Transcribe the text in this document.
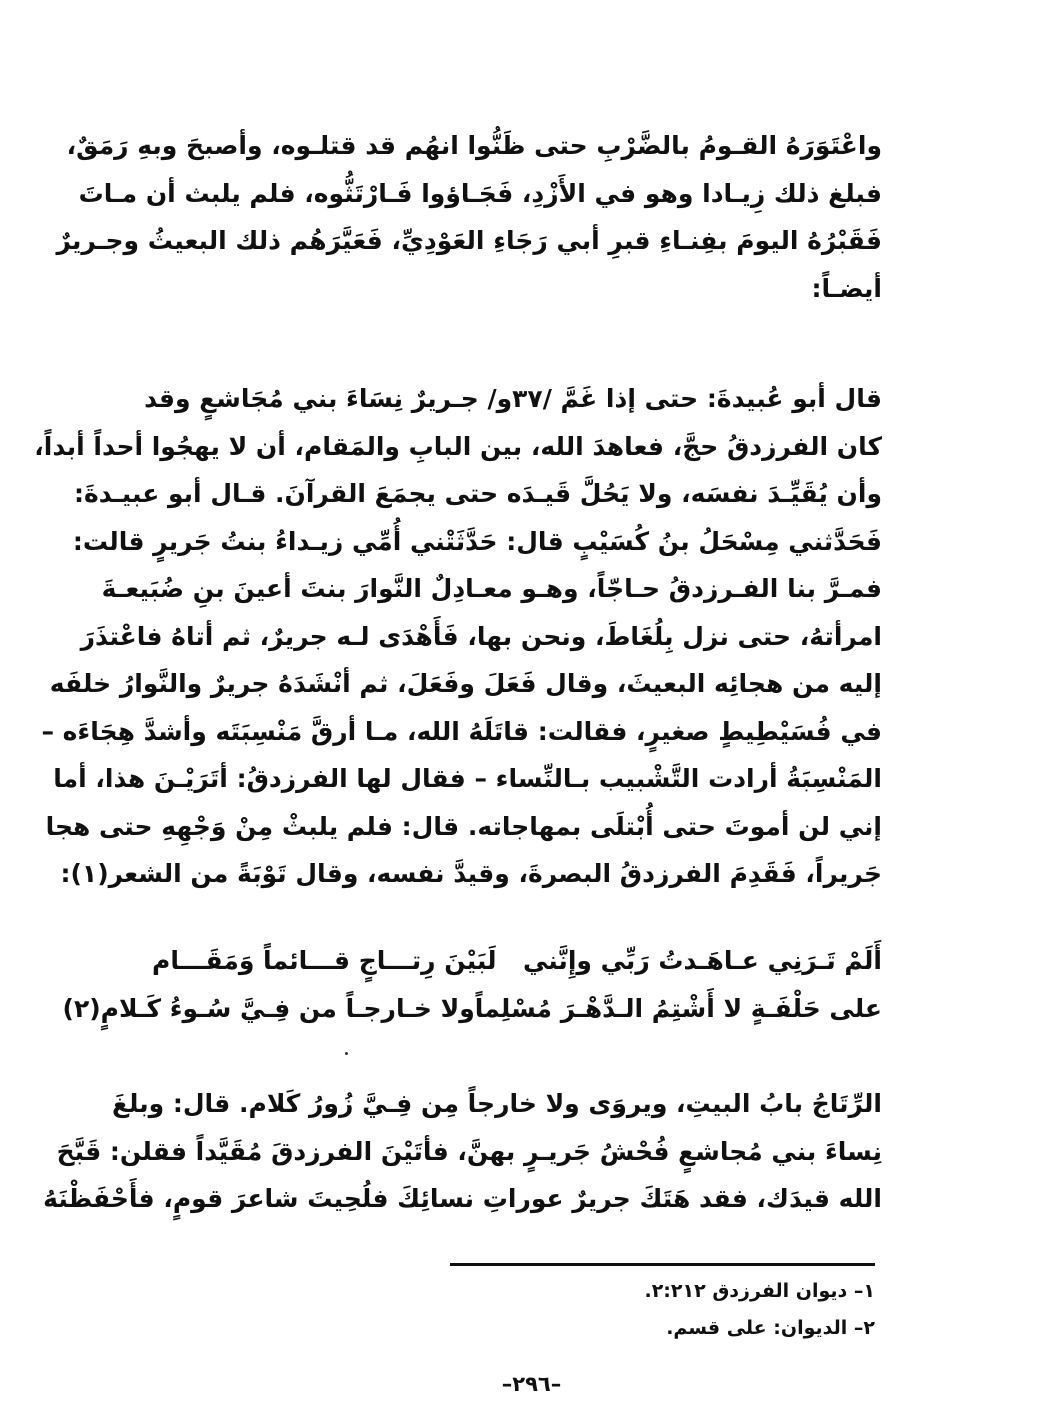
واعْتَوَرَهُ القـومُ بالضَّرْبِ حتى ظَنُّوا انهُم قد قتلـوه، وأصبحَ وبهِ رَمَقٌ،
فبلغ ذلك زِيـادا وهو في الأَزْدِ، فَجَـاؤوا فَـارْتَثُّوه، فلم يلبث أن مـاتَ
فَقَبْرُهُ اليومَ بفِنـاءِ قبرِ أبي رَجَاءِ العَوْدِيِّ، فَعَيَّرَهُم ذلك البعيثُ وجـريرٌ
أيضـاً:
قال أبو عُبيدةَ: حتى إذا غَمَّ /٣٧و/ جـريرٌ نِسَاءَ بني مُجَاشعٍ وقد
كان الفرزدقُ حجَّ، فعاهدَ الله، بين البابِ والمَقام، أن لا يهجُوا أحداً أبداً،
وأن يُقَيِّـدَ نفسَه، ولا يَحُلَّ قَيـدَه حتى يجمَعَ القرآنَ. قـال أبو عبيـدةَ:
فَحَدَّثني مِسْحَلُ بنُ كُسَيْبٍ قال: حَدَّثَتْني أُمِّي زيـداءُ بنتُ جَريرٍ قالت:
فمـرَّ بنا الفـرزدقُ حـاجّاً، وهـو معـادِلٌ النَّوارَ بنتَ أعينَ بنِ ضُبَيعـةَ
امرأتهُ، حتى نزل بِلُغَاطَ، ونحن بها، فَأَهْدَى لـه جريرٌ، ثم أتاهُ فاعْتذَرَ
إليه من هجائِه البعيثَ، وقال فَعَلَ وفَعَلَ، ثم أنْشَدَهُ جريرٌ والنَّوارُ خلفَه
في فُسَيْطِيطٍ صغيرٍ، فقالت: قاتَلَهُ الله، مـا أرقَّ مَنْسِبَتَه وأشدَّ هِجَاءَه –
المَنْسِبَةُ أرادت التَّشْبيب بـالنِّساء – فقال لها الفرزدقُ: أتَرَيْـنَ هذا، أما
إني لن أموتَ حتى أُبْتلَى بمهاجاته. قال: فلم يلبثْ مِنْ وَجْهِهِ حتى هجا
جَريراً، فَقَدِمَ الفرزدقُ البصرةَ، وقيدَّ نفسه، وقال تَوْبَةً من الشعر(١):
أَلَمْ تَـرَنِي عـاهَـدتُ رَبِّي وإِنَّني
لَبَيْنَ رِتـــاجٍ قـــائماً وَمَقَـــام
على حَلْفَـةٍ لا أَشْتِمُ الـدَّهْـرَ مُسْلِماً
ولا خـارجـاً من فِـيَّ سُـوءُ كَـلامٍ(٢)
الرِّتَاجُ بابُ البيتِ، ويروَى ولا خارجاً مِن فِـيَّ زُورُ كَلام. قال: وبلغَ
نِساءَ بني مُجاشعٍ فُحْشُ جَريـرٍ بهنَّ، فأتَيْنَ الفرزدقَ مُقَيَّداً فقلن: قَبَّحَ
الله قيدَك، فقد هَتَكَ جريرٌ عوراتِ نسائِكَ فلُحِيتَ شاعرَ قومٍ، فأَحْفَظْنَهُ
١– ديوان الفرزدق ٢:٢١٢.
٢– الديوان: على قسم.
–٢٩٦–
